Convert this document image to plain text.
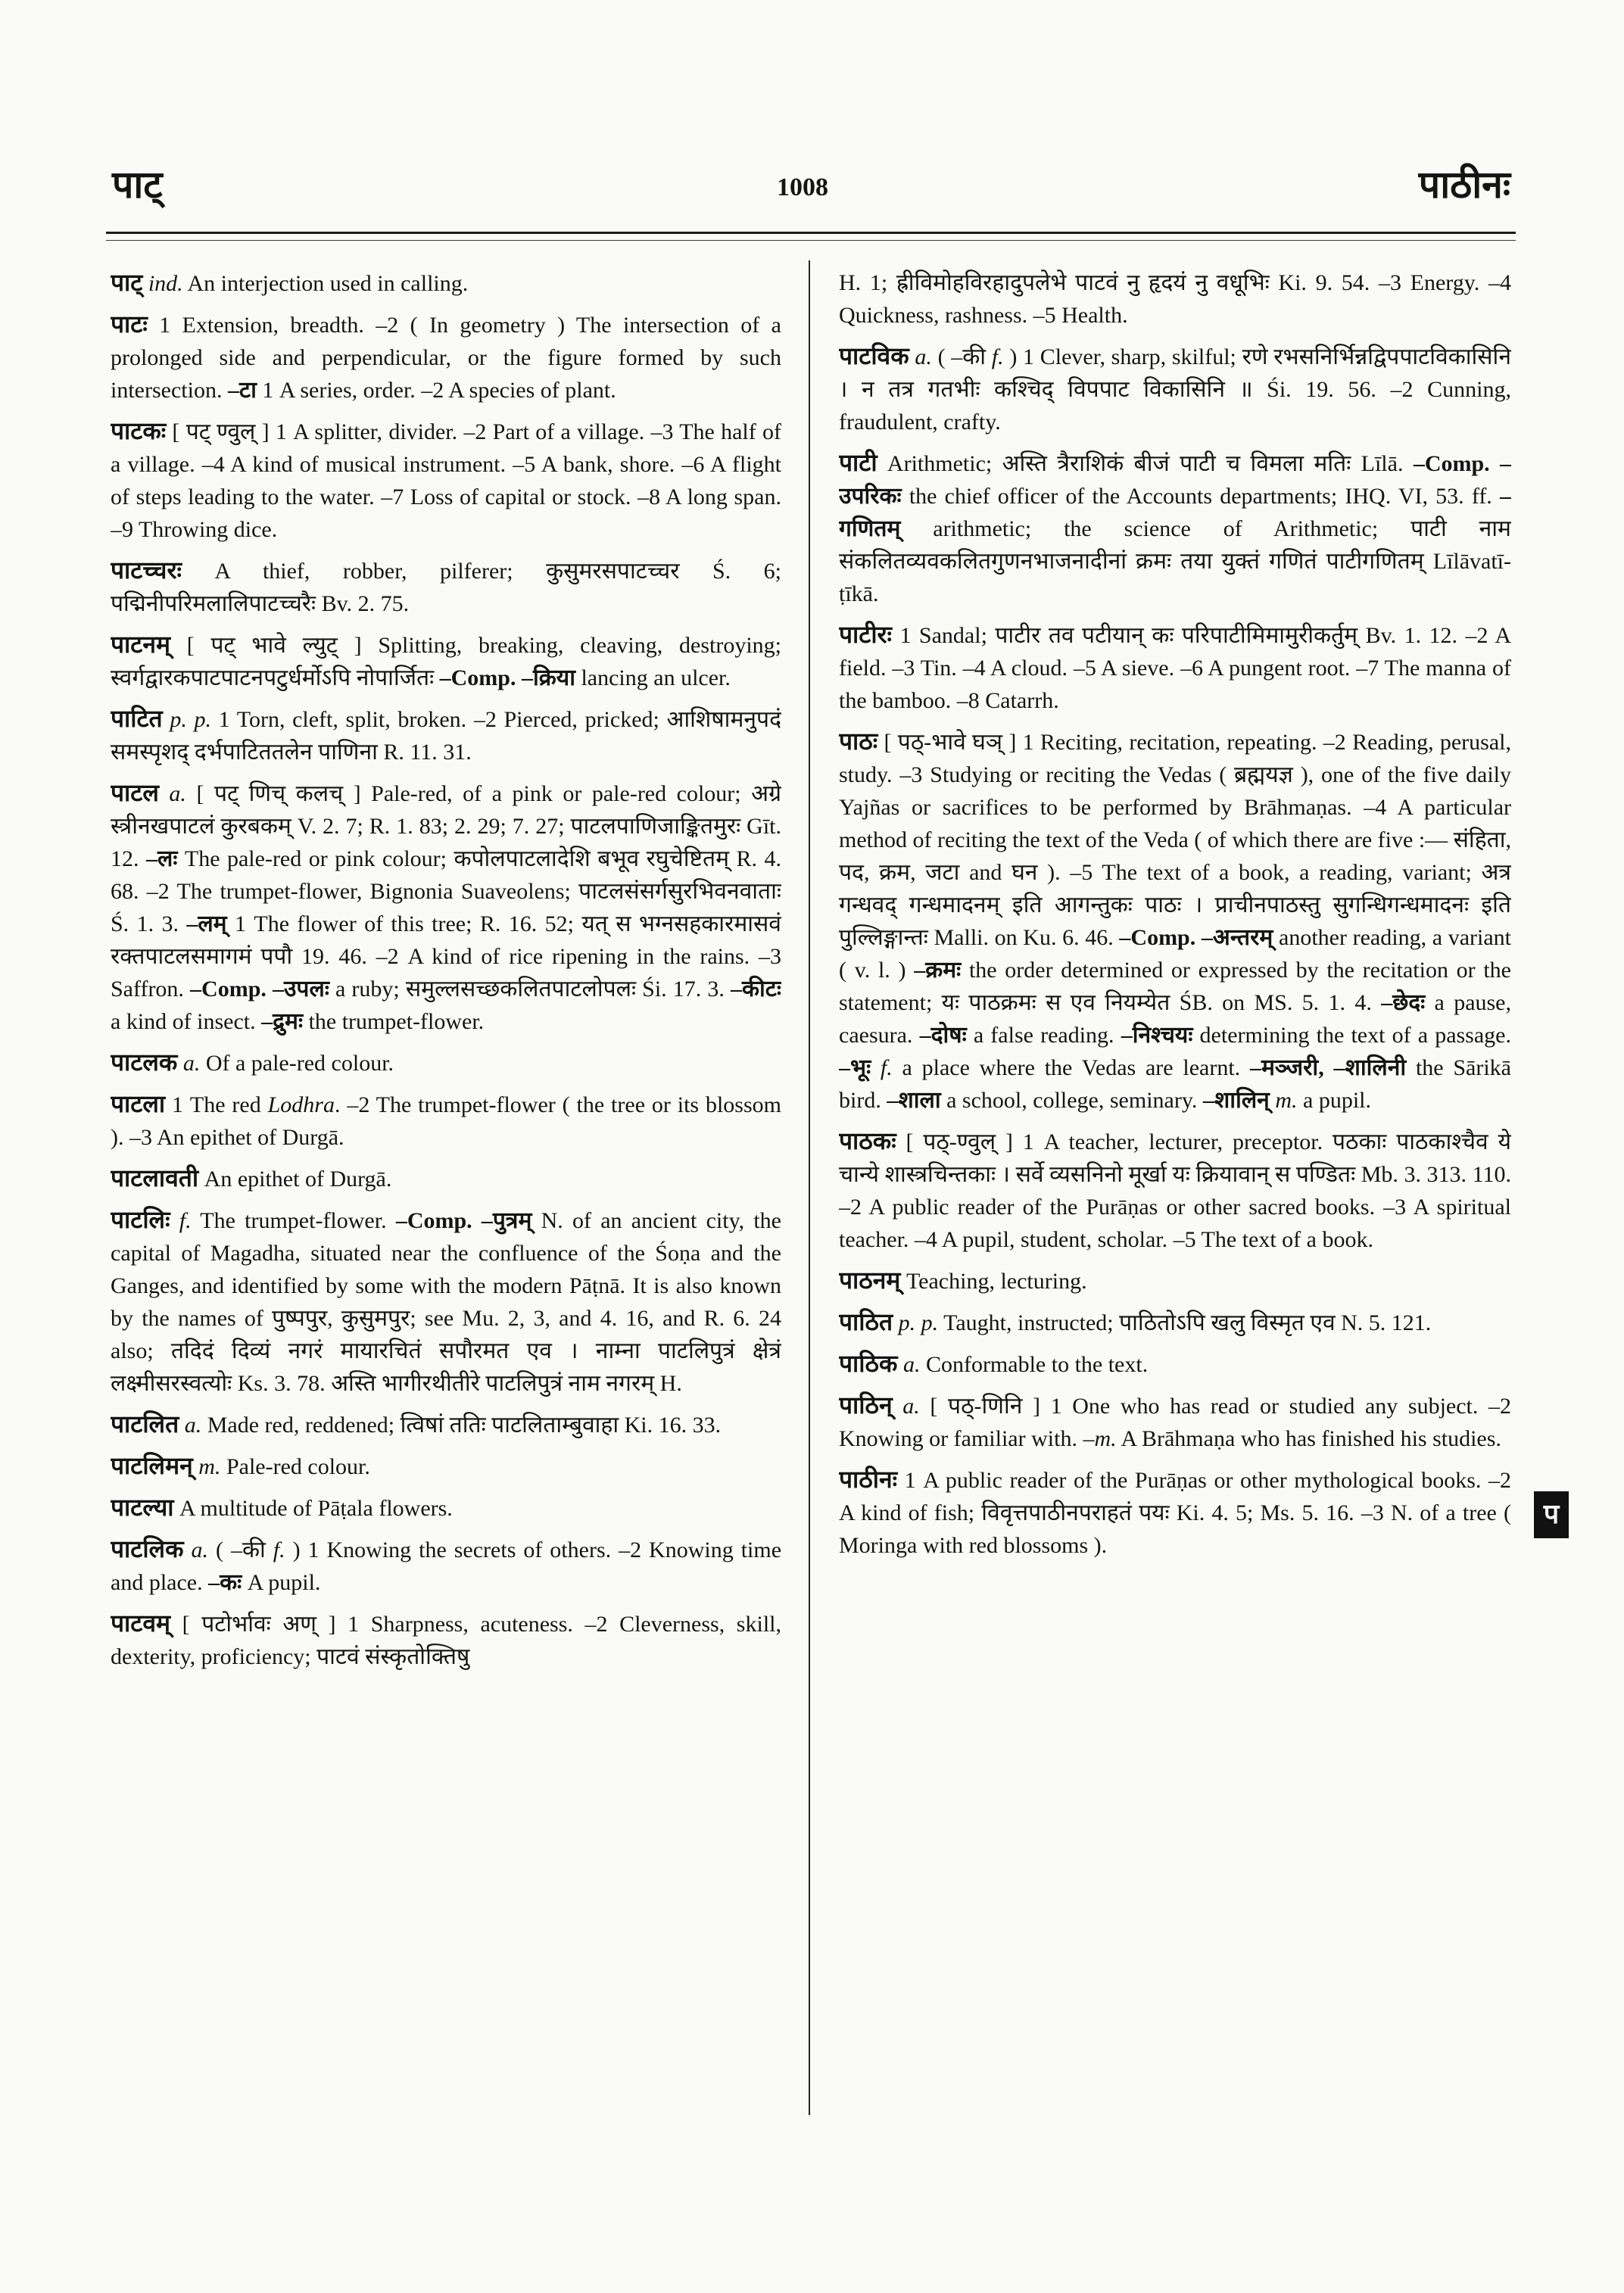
पाट्	1008	पाठीनः

पाट् ind. An interjection used in calling.

पाटः 1 Extension, breadth. –2 ( In geometry ) The intersection of a prolonged side and perpendicular, or the figure formed by such intersection. –टा 1 A series, order. –2 A species of plant.

पाटकः [ पट् ण्वुल् ] 1 A splitter, divider. –2 Part of a village. –3 The half of a village. –4 A kind of musical instrument. –5 A bank, shore. –6 A flight of steps leading to the water. –7 Loss of capital or stock. –8 A long span. –9 Throwing dice.

पाटच्चरः A thief, robber, pilferer; कुसुमरसपाटच्चर Ś. 6; पद्मिनीपरिमलालिपाटच्चरैः Bv. 2. 75.

पाटनम् [ पट् भावे ल्युट् ] Splitting, breaking, cleaving, destroying; स्वर्गद्वारकपाटपाटनपटुर्धर्मोऽपि नोपार्जितः –Comp. –क्रिया lancing an ulcer.

पाटित p. p. 1 Torn, cleft, split, broken. –2 Pierced, pricked; आशिषामनुपदं समस्पृशद् दर्भपाटिततलेन पाणिना R. 11. 31.

पाटल a. [ पट् णिच् कलच् ] Pale-red, of a pink or pale-red colour; अग्रे स्त्रीनखपाटलं कुरबकम् V. 2. 7; R. 1. 83; 2. 29; 7. 27; पाटलपाणिजाङ्कितमुरः Gīt. 12. –लः The pale-red or pink colour; कपोलपाटलादेशि बभूव रघुचेष्टितम् R. 4. 68. –2 The trumpet-flower, Bignonia Suaveolens; पाटलसंसर्गसुरभिवनवाताः Ś. 1. 3. –लम् 1 The flower of this tree; R. 16. 52; यत् स भग्नसहकारमासवं रक्तपाटलसमागमं पपौ 19. 46. –2 A kind of rice ripening in the rains. –3 Saffron. –Comp. –उपलः a ruby; समुल्लसच्छकलितपाटलोपलः Śi. 17. 3. –कीटः a kind of insect. –द्रुमः the trumpet-flower.

पाटलक a. Of a pale-red colour.

पाटला 1 The red Lodhra. –2 The trumpet-flower ( the tree or its blossom ). –3 An epithet of Durgā.

पाटलावती An epithet of Durgā.

पाटलिः f. The trumpet-flower. –Comp. –पुत्रम् N. of an ancient city, the capital of Magadha, situated near the confluence of the Śoṇa and the Ganges, and identified by some with the modern Pāṭnā. It is also known by the names of पुष्पपुर, कुसुमपुर; see Mu. 2, 3, and 4. 16, and R. 6. 24 also; तदिदं दिव्यं नगरं मायारचितं सपौरमत एव । नाम्ना पाटलिपुत्रं क्षेत्रं लक्ष्मीसरस्वत्योः Ks. 3. 78. अस्ति भागीरथीतीरे पाटलिपुत्रं नाम नगरम् H.

पाटलित a. Made red, reddened; त्विषां ततिः पाटलिताम्बुवाहा Ki. 16. 33.

पाटलिमन् m. Pale-red colour.

पाटल्या A multitude of Pāṭala flowers.

पाटलिक a. ( –की f. ) 1 Knowing the secrets of others. –2 Knowing time and place. –कः A pupil.

पाटवम् [ पटोर्भावः अण् ] 1 Sharpness, acuteness. –2 Cleverness, skill, dexterity, proficiency; पाटवं संस्कृतोक्तिषु

H. 1; ह्रीविमोहविरहादुपलेभे पाटवं नु हृदयं नु वधूभिः Ki. 9. 54. –3 Energy. –4 Quickness, rashness. –5 Health.

पाटविक a. ( –की f. ) 1 Clever, sharp, skilful; रणे रभसनिर्भिन्नद्विपपाटविकासिनि । न तत्र गतभीः कश्चिद् विपपाट विकासिनि ॥ Śi. 19. 56. –2 Cunning, fraudulent, crafty.

पाटी Arithmetic; अस्ति त्रैराशिकं बीजं पाटी च विमला मतिः Līlā. –Comp. –उपरिकः the chief officer of the Accounts departments; IHQ. VI, 53. ff. –गणितम् arithmetic; the science of Arithmetic; पाटी नाम संकलितव्यवकलितगुणनभाजनादीनां क्रमः तया युक्तं गणितं पाटीगणितम् Līlāvatī-ṭīkā.

पाटीरः 1 Sandal; पाटीर तव पटीयान् कः परिपाटीमिमामुरीकर्तुम् Bv. 1. 12. –2 A field. –3 Tin. –4 A cloud. –5 A sieve. –6 A pungent root. –7 The manna of the bamboo. –8 Catarrh.

पाठः [ पठ्-भावे घञ् ] 1 Reciting, recitation, repeating. –2 Reading, perusal, study. –3 Studying or reciting the Vedas ( ब्रह्मयज्ञ ), one of the five daily Yajñas or sacrifices to be performed by Brāhmaṇas. –4 A particular method of reciting the text of the Veda ( of which there are five :— संहिता, पद, क्रम, जटा and घन ). –5 The text of a book, a reading, variant; अत्र गन्धवद् गन्धमादनम् इति आगन्तुकः पाठः । प्राचीनपाठस्तु सुगन्धिगन्धमादनः इति पुल्लिङ्गान्तः Malli. on Ku. 6. 46. –Comp. –अन्तरम् another reading, a variant ( v. l. ) –क्रमः the order determined or expressed by the recitation or the statement; यः पाठक्रमः स एव नियम्येत ŚB. on MS. 5. 1. 4. –छेदः a pause, caesura. –दोषः a false reading. –निश्चयः determining the text of a passage. –भूः f. a place where the Vedas are learnt. –मञ्जरी, –शालिनी the Sārikā bird. –शाला a school, college, seminary. –शालिन् m. a pupil.

पाठकः [ पठ्-ण्वुल् ] 1 A teacher, lecturer, preceptor. पठकाः पाठकाश्चैव ये चान्ये शास्त्रचिन्तकाः । सर्वे व्यसनिनो मूर्खा यः क्रियावान् स पण्डितः Mb. 3. 313. 110. –2 A public reader of the Purāṇas or other sacred books. –3 A spiritual teacher. –4 A pupil, student, scholar. –5 The text of a book.

पाठनम् Teaching, lecturing.

पाठित p. p. Taught, instructed; पाठितोऽपि खलु विस्मृत एव N. 5. 121.

पाठिक a. Conformable to the text.

पाठिन् a. [ पठ्-णिनि ] 1 One who has read or studied any subject. –2 Knowing or familiar with. –m. A Brāhmaṇa who has finished his studies.

पाठीनः 1 A public reader of the Purāṇas or other mythological books. –2 A kind of fish; विवृत्तपाठीनपराहतं पयः Ki. 4. 5; Ms. 5. 16. –3 N. of a tree ( Moringa with red blossoms ).

प
